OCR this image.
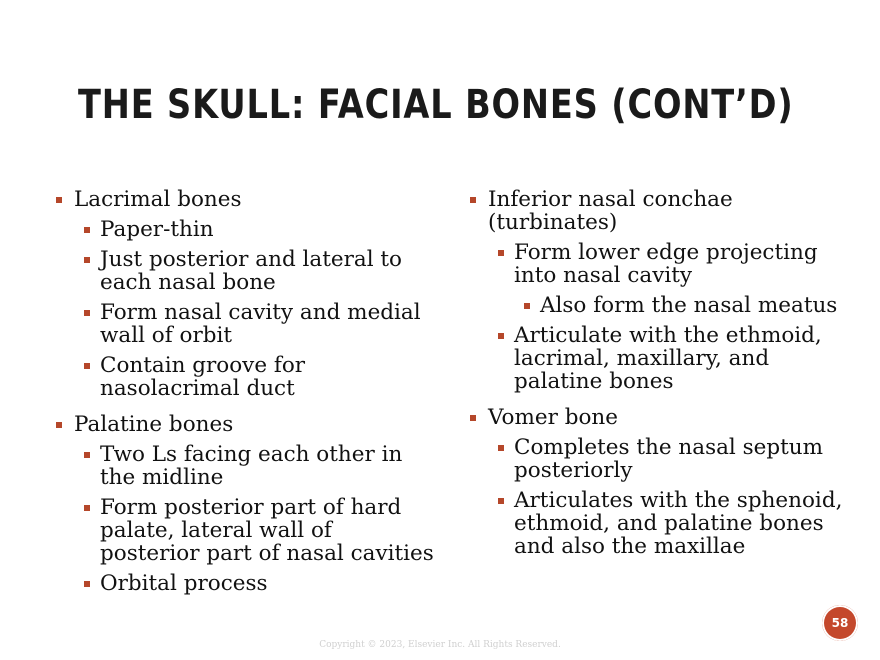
THE SKULL: FACIAL BONES (CONT’D)
Lacrimal bones
Paper-thin
Just posterior and lateral to each nasal bone
Form nasal cavity and medial wall of orbit
Contain groove for nasolacrimal duct
Palatine bones
Two Ls facing each other in the midline
Form posterior part of hard palate, lateral wall of posterior part of nasal cavities
Orbital process
Inferior nasal conchae (turbinates)
Form lower edge projecting into nasal cavity
Also form the nasal meatus
Articulate with the ethmoid, lacrimal, maxillary, and palatine bones
Vomer bone
Completes the nasal septum posteriorly
Articulates with the sphenoid, ethmoid, and palatine bones and also the maxillae
58
Copyright © 2023, Elsevier Inc. All Rights Reserved.
